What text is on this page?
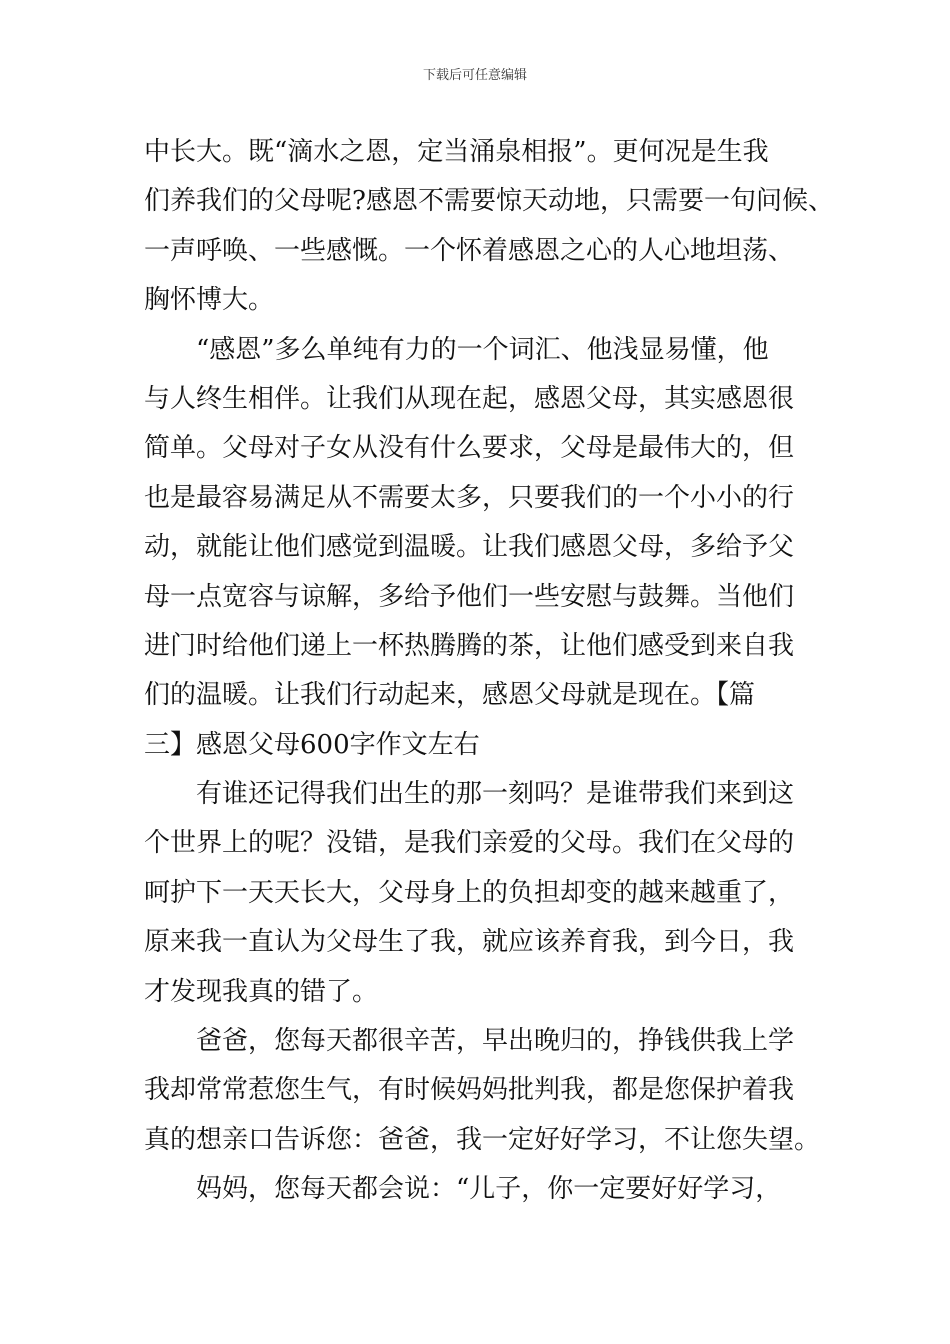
下载后可任意编辑
中长大。既“滴水之恩，定当涌泉相报”。更何况是生我
们养我们的父母呢?感恩不需要惊天动地，只需要一句问候、
一声呼唤、一些感慨。一个怀着感恩之心的人心地坦荡、
胸怀博大。
“感恩”多么单纯有力的一个词汇、他浅显易懂，他
与人终生相伴。让我们从现在起，感恩父母，其实感恩很
简单。父母对子女从没有什么要求，父母是最伟大的，但
也是最容易满足从不需要太多，只要我们的一个小小的行
动，就能让他们感觉到温暖。让我们感恩父母，多给予父
母一点宽容与谅解，多给予他们一些安慰与鼓舞。当他们
进门时给他们递上一杯热腾腾的茶，让他们感受到来自我
们的温暖。让我们行动起来，感恩父母就是现在。【篇
三】感恩父母600字作文左右
有谁还记得我们出生的那一刻吗？是谁带我们来到这
个世界上的呢？没错，是我们亲爱的父母。我们在父母的
呵护下一天天长大，父母身上的负担却变的越来越重了，
原来我一直认为父母生了我，就应该养育我，到今日，我
才发现我真的错了。
爸爸，您每天都很辛苦，早出晚归的，挣钱供我上学
我却常常惹您生气，有时候妈妈批判我，都是您保护着我
真的想亲口告诉您：爸爸，我一定好好学习，不让您失望。
妈妈，您每天都会说：“儿子，你一定要好好学习，
